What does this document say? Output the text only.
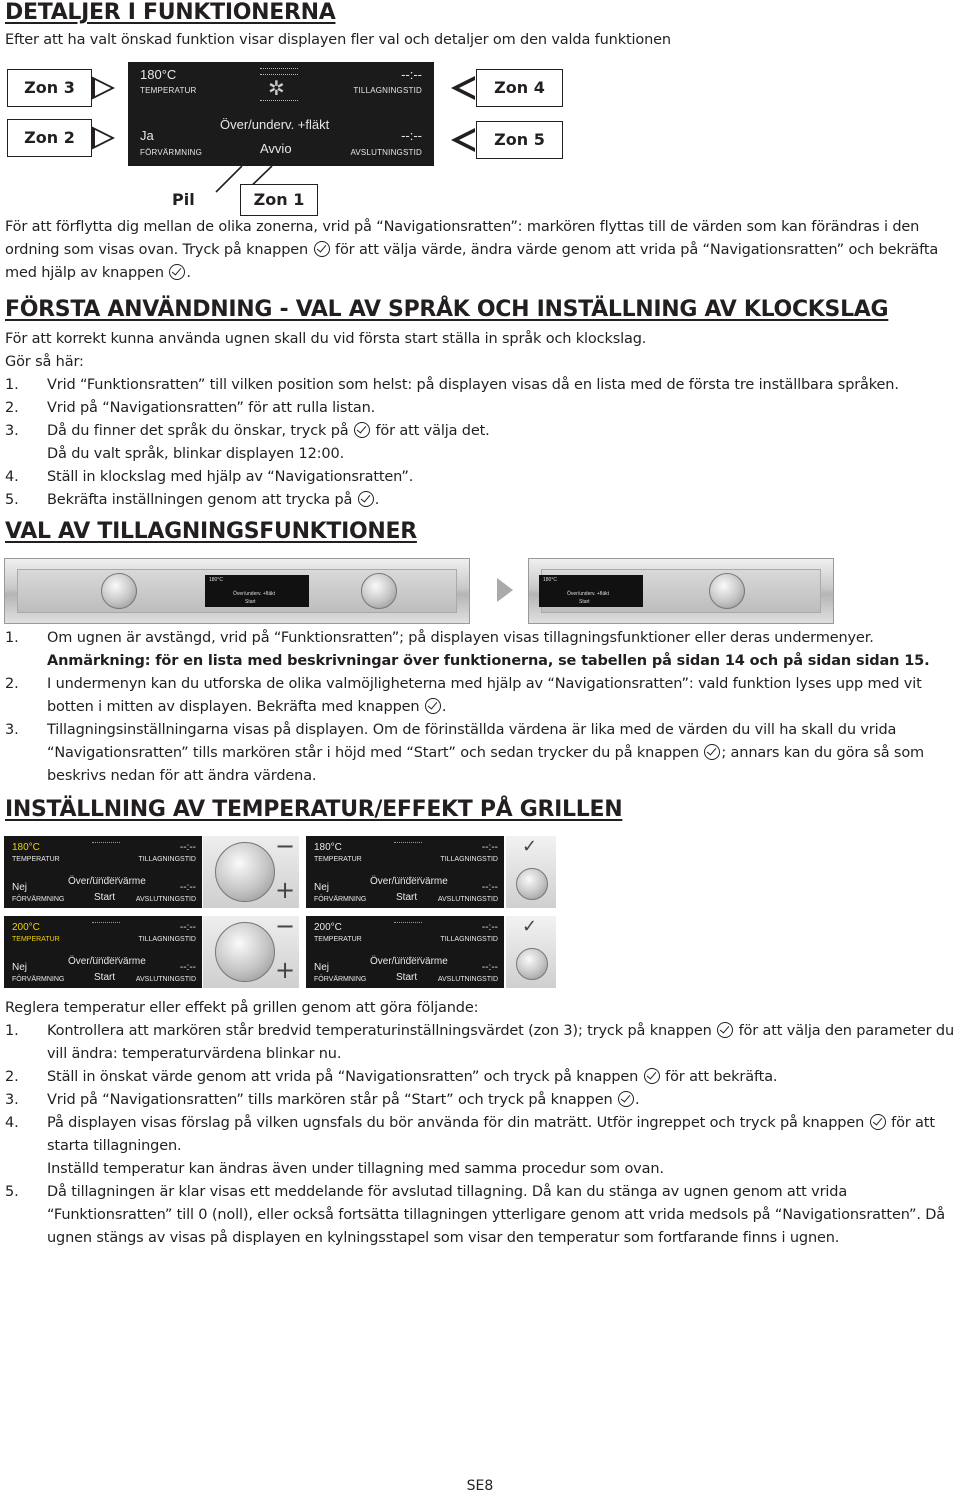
DETALJER I FUNKTIONERNA
Efter att ha valt önskad funktion visar displayen fler val och detaljer om den valda funktionen
Zon 3
Zon 2
Zon 4
Zon 5
180°C
TEMPERATUR
--:--
TILLAGNINGSTID
✲
Över/underv. +fläkt
Ja
FÖRVÄRMNING	Avvio
--:--
AVSLUTNINGSTID
Pil	Zon 1
För att förflytta dig mellan de olika zonerna, vrid på “Navigationsratten”: markören flyttas till de värden som kan förändras i den ordning som visas ovan. Tryck på knappen för att välja värde, ändra värde genom att vrida på “Navigationsratten” och bekräfta med hjälp av knappen .
FÖRSTA ANVÄNDNING - VAL AV SPRÅK OCH INSTÄLLNING AV KLOCKSLAG
För att korrekt kunna använda ugnen skall du vid första start ställa in språk och klockslag.
Gör så här:
1. Vrid “Funktionsratten” till vilken position som helst: på displayen visas då en lista med de första tre inställbara språken.
2. Vrid på “Navigationsratten” för att rulla listan.
3. Då du finner det språk du önskar, tryck på för att välja det.
Då du valt språk, blinkar displayen 12:00.
4. Ställ in klockslag med hjälp av “Navigationsratten”.
5. Bekräfta inställningen genom att trycka på .
VAL AV TILLAGNINGSFUNKTIONER
180°C
Över/underv. +fläkt
Start
180°C
Över/underv. +fläkt
Start
1. Om ugnen är avstängd, vrid på “Funktionsratten”; på displayen visas tillagningsfunktioner eller deras undermenyer.
Anmärkning: för en lista med beskrivningar över funktionerna, se tabellen på sidan 14 och på sidan sidan 15.
2. I undermenyn kan du utforska de olika valmöjligheterna med hjälp av “Navigationsratten”: vald funktion lyses upp med vit botten i mitten av displayen. Bekräfta med knappen .
3. Tillagningsinställningarna visas på displayen. Om de förinställda värdena är lika med de värden du vill ha skall du vrida “Navigationsratten” tills markören står i höjd med “Start” och sedan trycker du på knappen ; annars kan du göra så som beskrivs nedan för att ändra värdena.
INSTÄLLNING AV TEMPERATUR/EFFEKT PÅ GRILLEN
180°C
TEMPERATUR
--:--
TILLAGNINGSTID
Över/undervärme
Nej
FÖRVÄRMNING	Start
--:--
AVSLUTNINGSTID
−
+
180°C
TEMPERATUR
--:--
TILLAGNINGSTID
Över/undervärme
Nej
FÖRVÄRMNING	Start
--:--
AVSLUTNINGSTID
✓
200°C
TEMPERATUR
--:--
TILLAGNINGSTID
Över/undervärme
Nej
FÖRVÄRMNING	Start
--:--
AVSLUTNINGSTID
−
+
200°C
TEMPERATUR
--:--
TILLAGNINGSTID
Över/undervärme
Nej
FÖRVÄRMNING	Start
--:--
AVSLUTNINGSTID
✓
Reglera temperatur eller effekt på grillen genom att göra följande:
1. Kontrollera att markören står bredvid temperaturinställningsvärdet (zon 3); tryck på knappen för att välja den parameter du vill ändra: temperaturvärdena blinkar nu.
2. Ställ in önskat värde genom att vrida på “Navigationsratten” och tryck på knappen för att bekräfta.
3. Vrid på “Navigationsratten” tills markören står på “Start” och tryck på knappen .
4. På displayen visas förslag på vilken ugnsfals du bör använda för din maträtt. Utför ingreppet och tryck på knappen för att starta tillagningen.
Inställd temperatur kan ändras även under tillagning med samma procedur som ovan.
5. Då tillagningen är klar visas ett meddelande för avslutad tillagning. Då kan du stänga av ugnen genom att vrida “Funktionsratten” till 0 (noll), eller också fortsätta tillagningen ytterligare genom att vrida medsols på “Navigationsratten”. Då ugnen stängs av visas på displayen en kylningsstapel som visar den temperatur som fortfarande finns i ugnen.
SE8
